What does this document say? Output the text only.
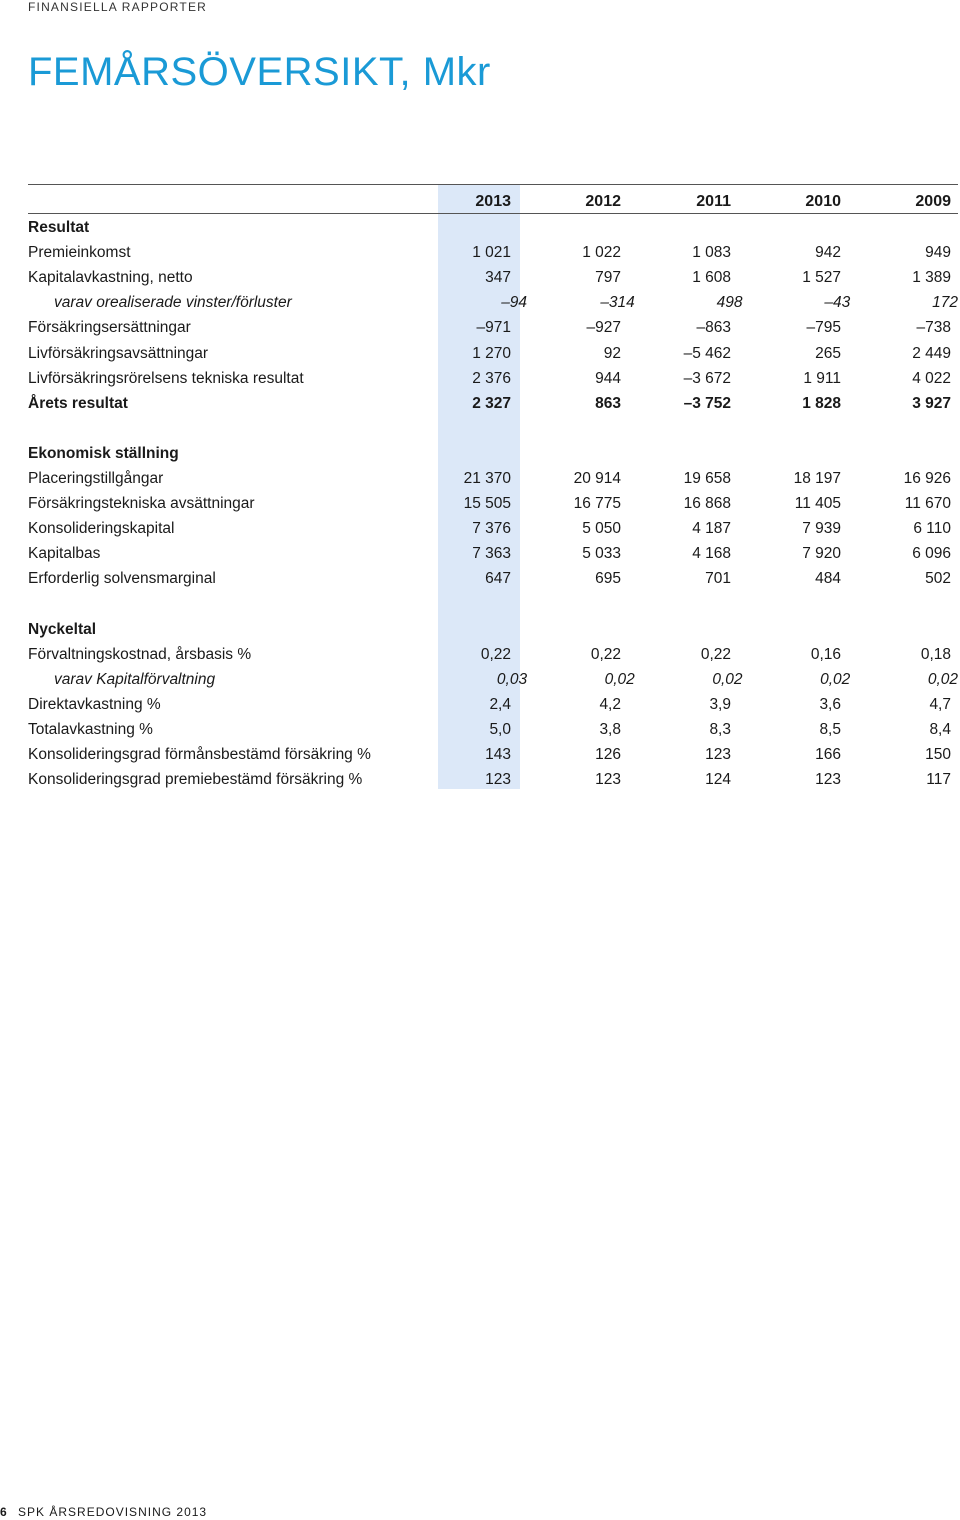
FINANSIELLA RAPPORTER
FEMÅRSÖVERSIKT, Mkr
2013	2012	2011	2010	2009
Resultat
Premieinkomst	1 021	1 022	1 083	942	949
Kapitalavkastning, netto	347	797	1 608	1 527	1 389
varav orealiserade vinster/förluster	–94	–314	498	–43	172
Försäkringsersättningar	–971	–927	–863	–795	–738
Livförsäkringsavsättningar	1 270	92	–5 462	265	2 449
Livförsäkringsrörelsens tekniska resultat	2 376	944	–3 672	1 911	4 022
Årets resultat	2 327	863	–3 752	1 828	3 927
Ekonomisk ställning
Placeringstillgångar	21 370	20 914	19 658	18 197	16 926
Försäkringstekniska avsättningar	15 505	16 775	16 868	11 405	11 670
Konsolideringskapital	7 376	5 050	4 187	7 939	6 110
Kapitalbas	7 363	5 033	4 168	7 920	6 096
Erforderlig solvensmarginal	647	695	701	484	502
Nyckeltal
Förvaltningskostnad, årsbasis %	0,22	0,22	0,22	0,16	0,18
varav Kapitalförvaltning	0,03	0,02	0,02	0,02	0,02
Direktavkastning %	2,4	4,2	3,9	3,6	4,7
Totalavkastning %	5,0	3,8	8,3	8,5	8,4
Konsolideringsgrad förmånsbestämd försäkring %	143	126	123	166	150
Konsolideringsgrad premiebestämd försäkring %	123	123	124	123	117
6 SPK ÅRSREDOVISNING 2013
